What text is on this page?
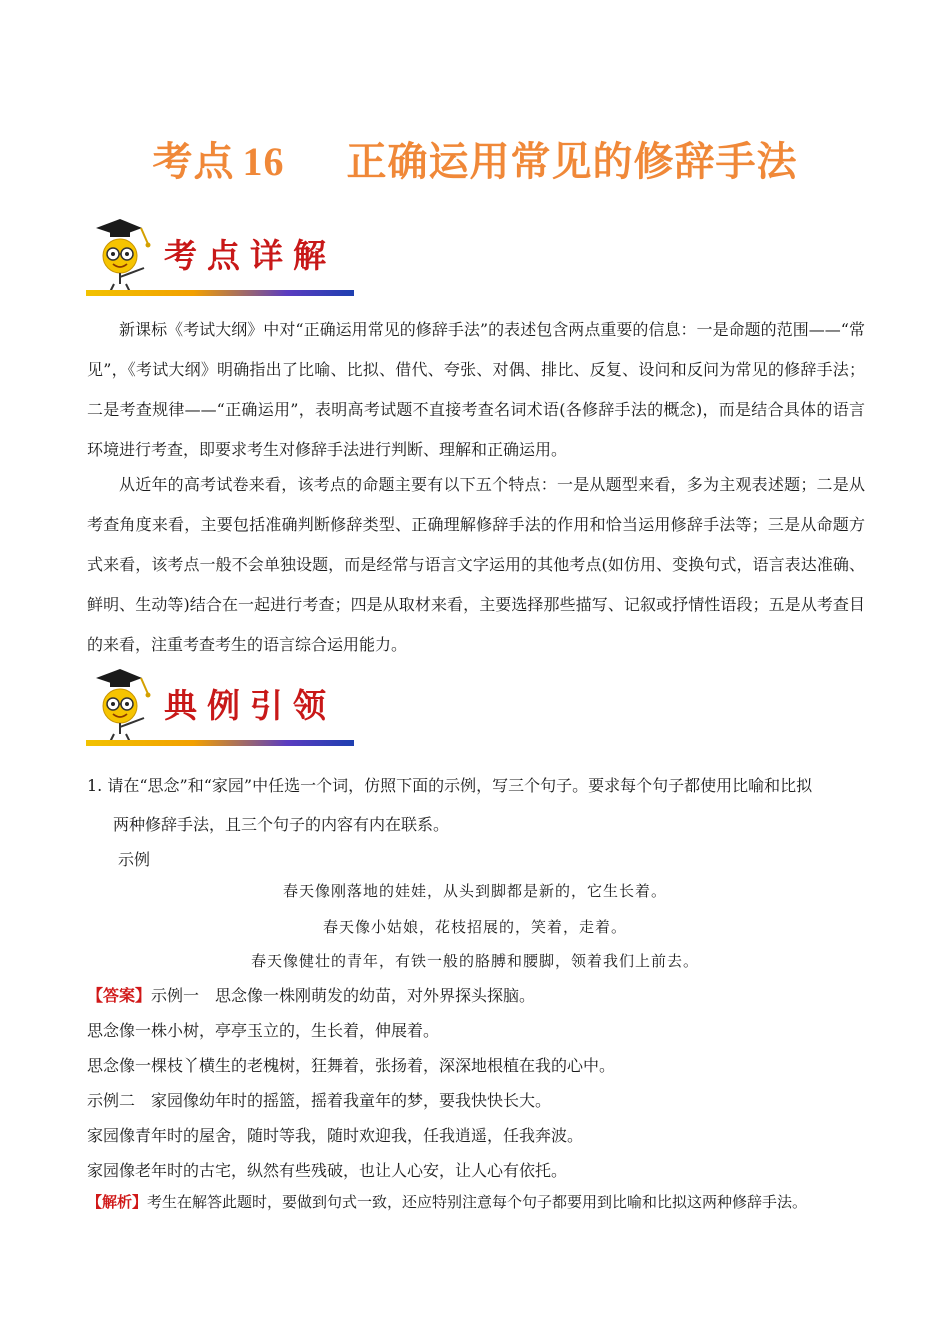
考点 16 正确运用常见的修辞手法
考点详解

新课标《考试大纲》中对“正确运用常见的修辞手法”的表述包含两点重要的信息：一是命题的范围——“常见”，《考试大纲》明确指出了比喻、比拟、借代、夸张、对偶、排比、反复、设问和反问为常见的修辞手法；二是考查规律——“正确运用”，表明高考试题不直接考查名词术语(各修辞手法的概念)，而是结合具体的语言环境进行考查，即要求考生对修辞手法进行判断、理解和正确运用。

从近年的高考试卷来看，该考点的命题主要有以下五个特点：一是从题型来看，多为主观表述题；二是从考查角度来看，主要包括准确判断修辞类型、正确理解修辞手法的作用和恰当运用修辞手法等；三是从命题方式来看，该考点一般不会单独设题，而是经常与语言文字运用的其他考点(如仿用、变换句式，语言表达准确、鲜明、生动等)结合在一起进行考查；四是从取材来看，主要选择那些描写、记叙或抒情性语段；五是从考查目的来看，注重考查考生的语言综合运用能力。

典例引领

1. 请在“思念”和“家园”中任选一个词，仿照下面的示例，写三个句子。要求每个句子都使用比喻和比拟

两种修辞手法，且三个句子的内容有内在联系。

示例

春天像刚落地的娃娃，从头到脚都是新的，它生长着。

春天像小姑娘，花枝招展的，笑着，走着。

春天像健壮的青年，有铁一般的胳膊和腰脚，领着我们上前去。

【答案】示例一　思念像一株刚萌发的幼苗，对外界探头探脑。

思念像一株小树，亭亭玉立的，生长着，伸展着。

思念像一棵枝丫横生的老槐树，狂舞着，张扬着，深深地根植在我的心中。

示例二　家园像幼年时的摇篮，摇着我童年的梦，要我快快长大。

家园像青年时的屋舍，随时等我，随时欢迎我，任我逍遥，任我奔波。

家园像老年时的古宅，纵然有些残破，也让人心安，让人心有依托。

【解析】考生在解答此题时，要做到句式一致，还应特别注意每个句子都要用到比喻和比拟这两种修辞手法。
